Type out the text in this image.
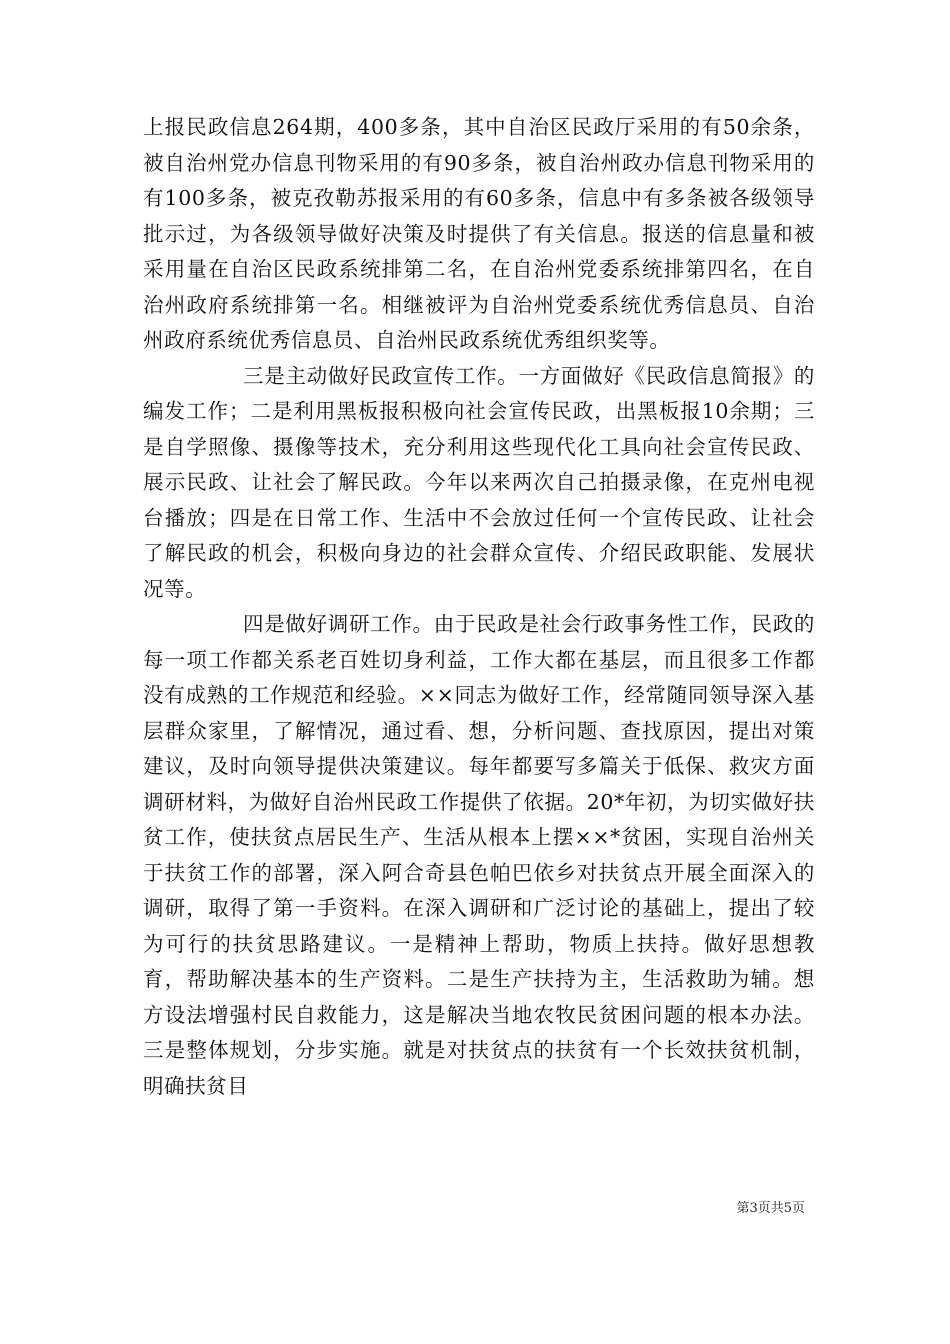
上报民政信息264期，400多条，其中自治区民政厅采用的有50余条，被自治州党办信息刊物采用的有90多条，被自治州政办信息刊物采用的有100多条，被克孜勒苏报采用的有60多条，信息中有多条被各级领导批示过，为各级领导做好决策及时提供了有关信息。报送的信息量和被采用量在自治区民政系统排第二名，在自治州党委系统排第四名，在自治州政府系统排第一名。相继被评为自治州党委系统优秀信息员、自治州政府系统优秀信息员、自治州民政系统优秀组织奖等。

三是主动做好民政宣传工作。一方面做好《民政信息简报》的编发工作；二是利用黑板报积极向社会宣传民政，出黑板报10余期；三是自学照像、摄像等技术，充分利用这些现代化工具向社会宣传民政、展示民政、让社会了解民政。今年以来两次自己拍摄录像，在克州电视台播放；四是在日常工作、生活中不会放过任何一个宣传民政、让社会了解民政的机会，积极向身边的社会群众宣传、介绍民政职能、发展状况等。

四是做好调研工作。由于民政是社会行政事务性工作，民政的每一项工作都关系老百姓切身利益，工作大都在基层，而且很多工作都没有成熟的工作规范和经验。××同志为做好工作，经常随同领导深入基层群众家里，了解情况，通过看、想，分析问题、查找原因，提出对策建议，及时向领导提供决策建议。每年都要写多篇关于低保、救灾方面调研材料，为做好自治州民政工作提供了依据。20*年初，为切实做好扶贫工作，使扶贫点居民生产、生活从根本上摆××*贫困，实现自治州关于扶贫工作的部署，深入阿合奇县色帕巴依乡对扶贫点开展全面深入的调研，取得了第一手资料。在深入调研和广泛讨论的基础上，提出了较为可行的扶贫思路建议。一是精神上帮助，物质上扶持。做好思想教育，帮助解决基本的生产资料。二是生产扶持为主，生活救助为辅。想方设法增强村民自救能力，这是解决当地农牧民贫困问题的根本办法。三是整体规划，分步实施。就是对扶贫点的扶贫有一个长效扶贫机制，明确扶贫目

第3页共5页
